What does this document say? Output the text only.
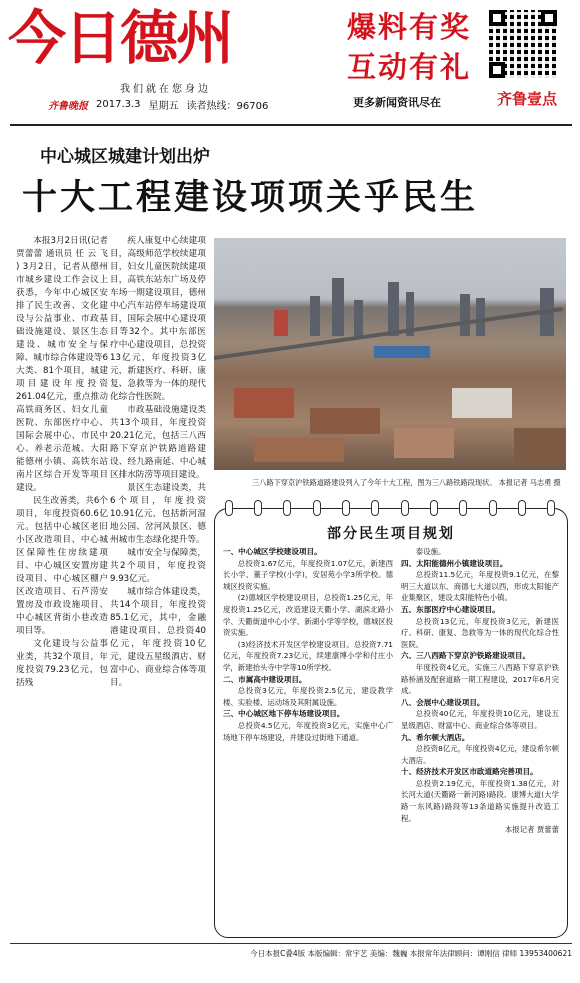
今日德州
我们就在您身边
齐鲁晚报 2017.3.3 星期五 读者热线：96706
爆料有奖
互动有礼
更多新闻资讯尽在	齐鲁壹点
中心城区城建计划出炉
十大工程建设项项关乎民生

本报3月2日讯(记者 贾蕾蕾 通讯员 任 云 飞 ) 3月2日，记者从德州市城乡建设工作会议上获悉，今年中心城区安排了民生改善、文化建设与公益事业、市政基础设施建设、景区生态建设、城市安全与保障、城市综合体建设等6大类、81个项目，城建项目建设年度投资261.04亿元，重点推动高铁商务区、妇女儿童医院、东部医疗中心、国际会展中心、市民中心、养老示范城、大阳能德州小镇、高铁东站南片区综合开发等项目建设。

民生改善类，共6个项目，年度投资60.6亿元。包括中心城区老旧小区改造项目、中心城区保障性住房续建项目、中心城区安置房建设项目、中心城区棚户区改造项目、石芦涝安置房及市政设施项目、中心城区背街小巷改造项目等。

文化建设与公益事业类，共32个项目，年度投资79.23亿元，包括残

疾人康复中心续建项目，高级师范学校续建项目，妇女儿童医院续建项目，高铁东站东广场及停车场一期建设项目，德州中心汽车站停车场建设项目，国际会展中心建设项目等32个。其中东部医疗中心建设项目，总投资13亿元，年度投资3亿元，新建医疗、科研、康复、急救等为一体的现代化综合性医院。

市政基础设施建设类共13个项目，年度投资20.21亿元，包括三八西路下穿京沪铁路道路建设、经九路南延、中心城区排水防涝等项目建设。

景区生态建设类，共6个项目，年度投资10.91亿元，包括新河湿地公园、岔河风景区、德州城市生态绿化提升等。

城市安全与保障类，共2个项目，年度投资9.93亿元。

城市综合体建设类，共14个项目，年度投资85.1亿元，其中，金融港建设项目、总投资40亿元，年度投资10亿元，建设五星级酒店、财富中心、商业综合体等项目。

三八路下穿京沪铁路道路建设列入了今年十大工程，图为三八路铁路段现状。 本报记者 马志勇 摄
部分民生项目规划
一、中心城区学校建设项目。

总投资1.67亿元，年度投资1.07亿元，新建西长小学、董子学校(小学)，安居苑小学3所学校。德城区投资实施。

(2)德城区学校建设项目，总投资1.25亿元，年度投资1.25亿元，改造建设天衢小学、湖滨北路小学、天衢街道中心小学、新湖小学等学校，德城区投资实施。

(3)经济技术开发区学校建设项目。总投资7.71亿元，年度投资7.23亿元，续建康博小学和付庄小学，新建抬头寺中学等10所学校。

二、市属高中建设项目。

总投资3亿元，年度投资2.5亿元，建设教学楼、实验楼、运动场及其附属设施。

三、中心城区地下停车场建设项目。

总投资4.5亿元，年度投资3亿元，实施中心广场地下停车场建设，并建设过街地下通道。

泰设施。

四、太阳能德州小镇建设项目。

总投资11.5亿元，年度投资9.1亿元，在黎明三大道以东、商德七大道以西，形成太阳能产业集聚区，建设太阳能特色小镇。

五、东部医疗中心建设项目。

总投资13亿元，年度投资3亿元，新建医疗、科研、康复、急救等为一体的现代化综合性医院。

六、三八西路下穿京沪铁路建设项目。

年度投资4亿元，实施三八西路下穿京沪铁路桥涵及配套道路一期工程建设，2017年6月完成。

八、会展中心建设项目。

总投资40亿元，年度投资10亿元，建设五星级酒店、财富中心、商业综合体等项目。

九、希尔顿大酒店。

总投资8亿元，年度投资4亿元，建设希尔顿大酒店。

十、经济技术开发区市政道路完善项目。

总投资2.19亿元，年度投资1.38亿元，对长河大道(天衢路一新河路)路段、康博大道(大学路一东风路)路段等13条道路实施提升改造工程。

本报记者 贾蕾蕾

今日本报C叠4版 本版编辑：常宇艺 美编：魏巍 本报常年法律顾问：谭刚信 律师 13953400621
